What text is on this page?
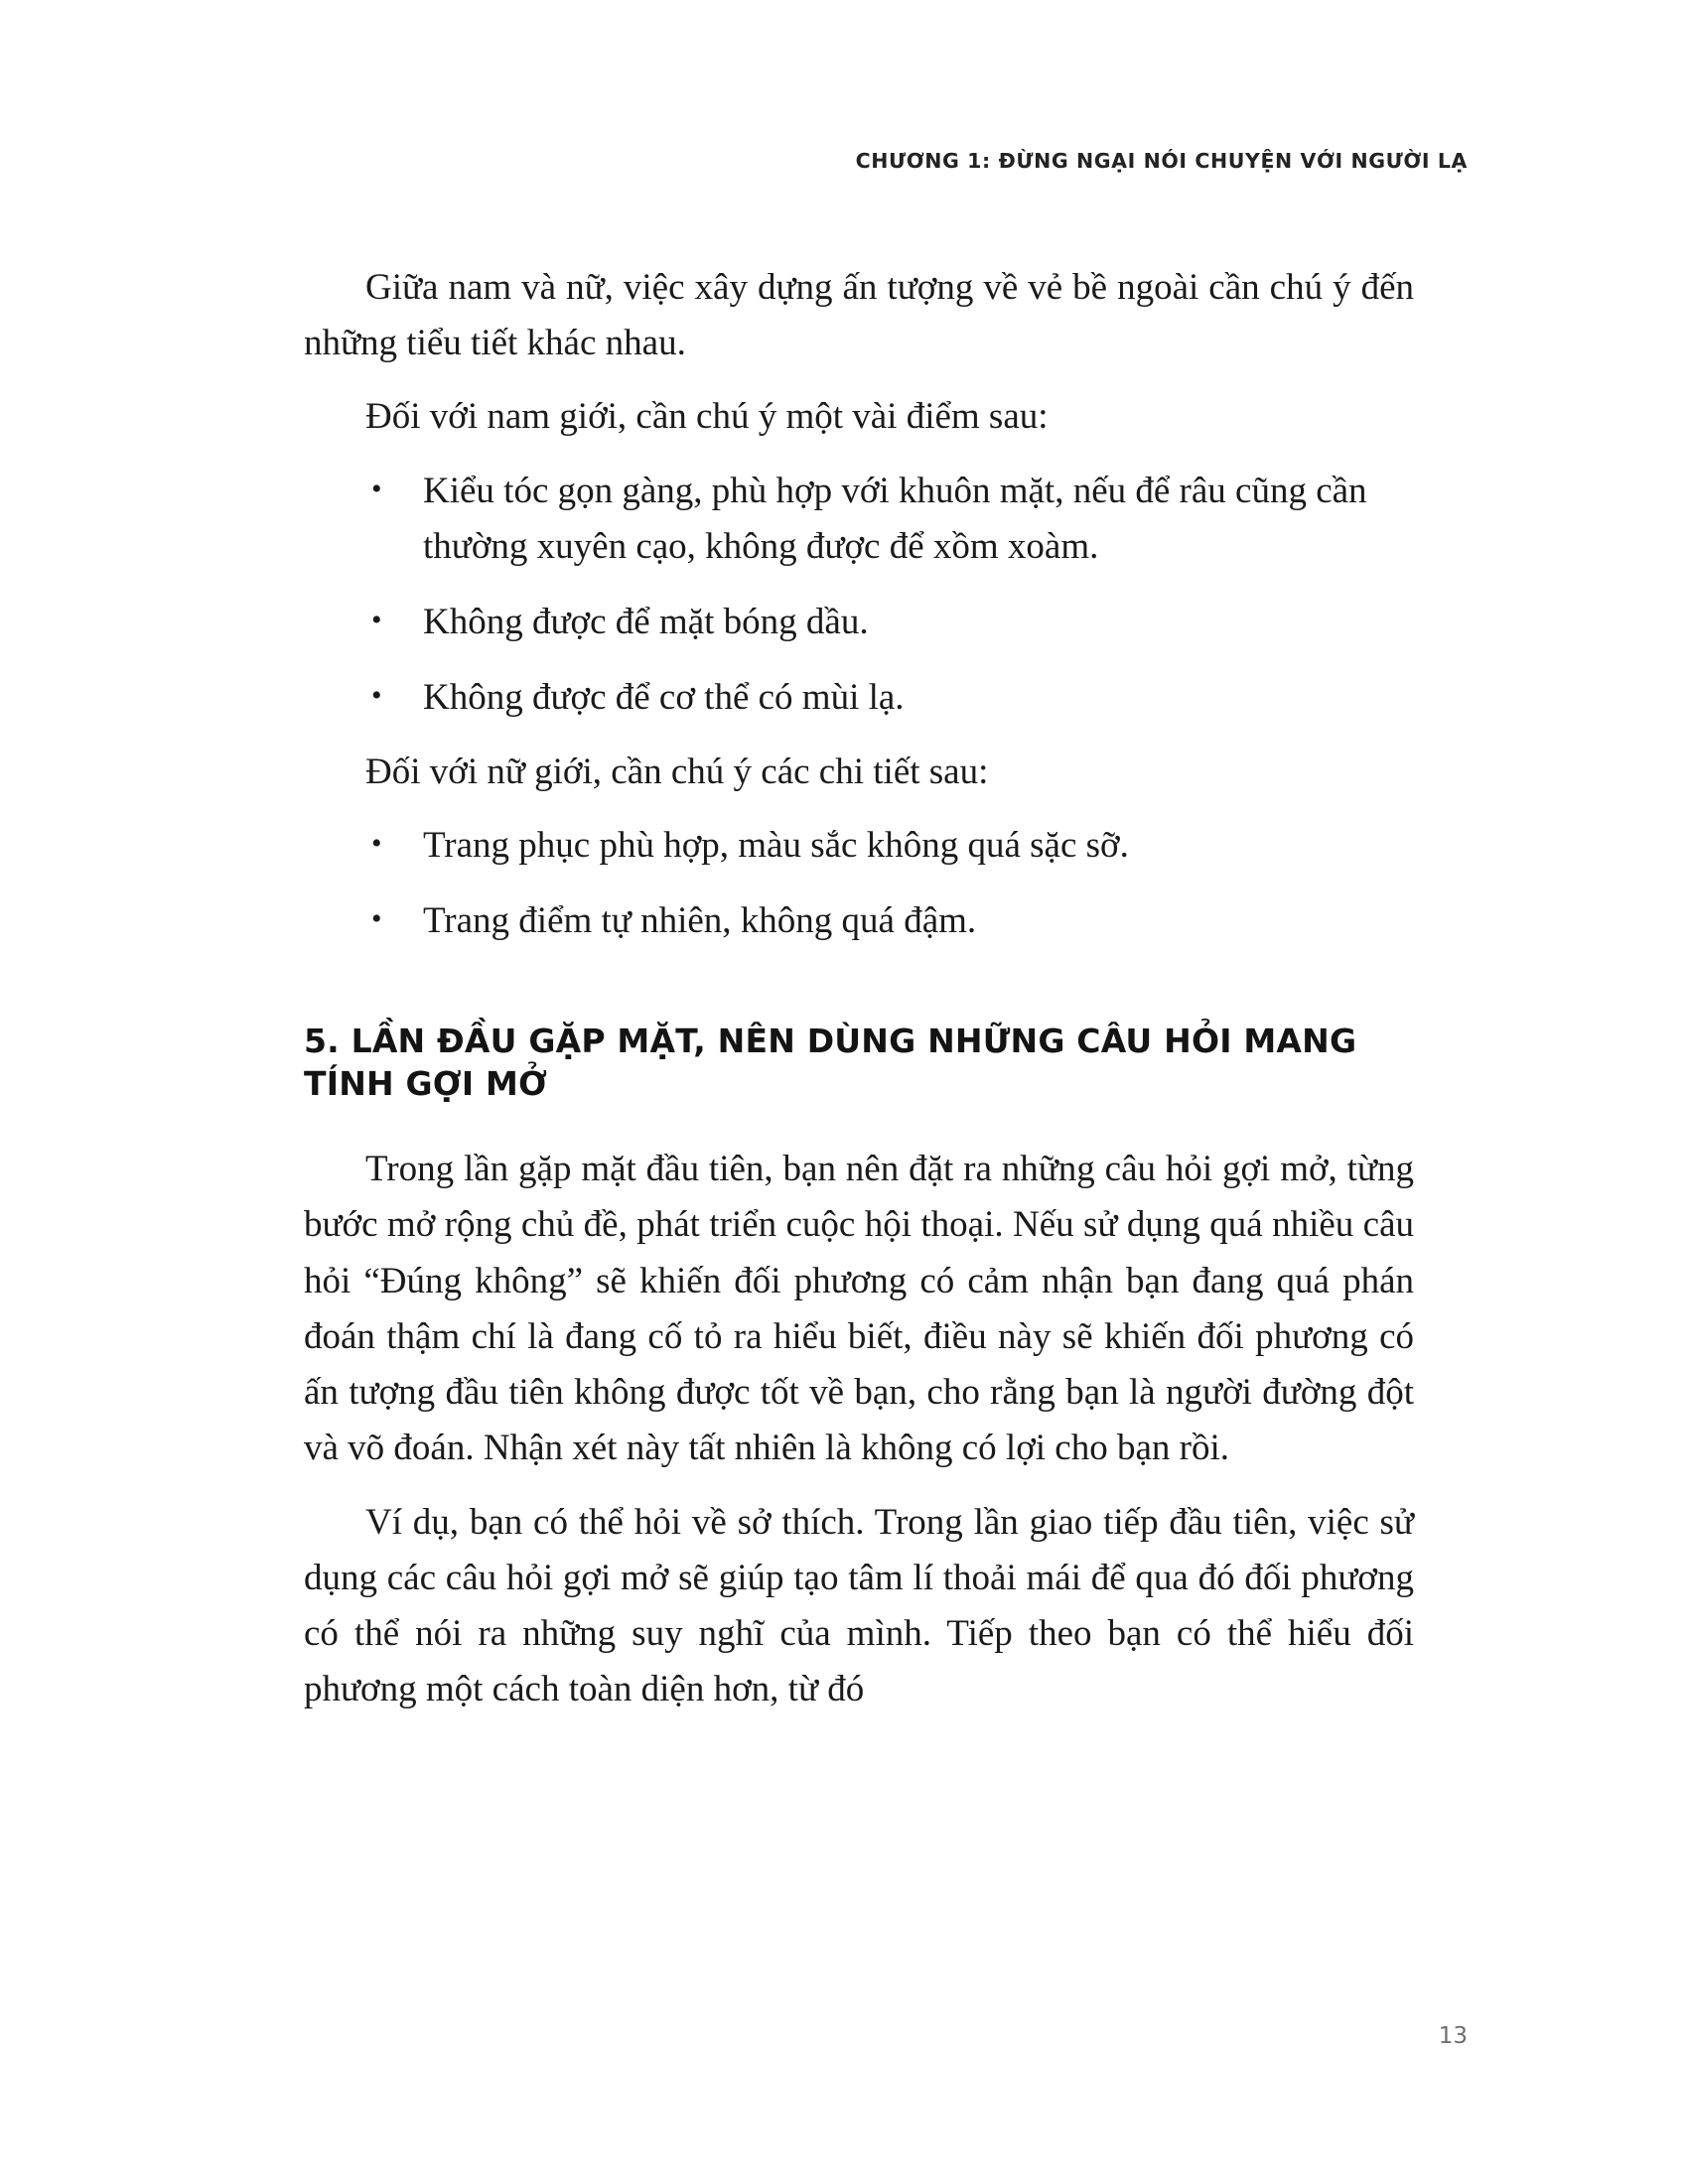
CHƯƠNG 1: ĐỪNG NGẠI NÓI CHUYỆN VỚI NGƯỜI LẠ

Giữa nam và nữ, việc xây dựng ấn tượng về vẻ bề ngoài cần chú ý đến những tiểu tiết khác nhau.

Đối với nam giới, cần chú ý một vài điểm sau:

• Kiểu tóc gọn gàng, phù hợp với khuôn mặt, nếu để râu cũng cần thường xuyên cạo, không được để xồm xoàm.
• Không được để mặt bóng dầu.
• Không được để cơ thể có mùi lạ.

Đối với nữ giới, cần chú ý các chi tiết sau:

• Trang phục phù hợp, màu sắc không quá sặc sỡ.
• Trang điểm tự nhiên, không quá đậm.
5. LẦN ĐẦU GẶP MẶT, NÊN DÙNG NHỮNG CÂU HỎI MANG TÍNH GỢI MỞ

Trong lần gặp mặt đầu tiên, bạn nên đặt ra những câu hỏi gợi mở, từng bước mở rộng chủ đề, phát triển cuộc hội thoại. Nếu sử dụng quá nhiều câu hỏi “Đúng không” sẽ khiến đối phương có cảm nhận bạn đang quá phán đoán thậm chí là đang cố tỏ ra hiểu biết, điều này sẽ khiến đối phương có ấn tượng đầu tiên không được tốt về bạn, cho rằng bạn là người đường đột và võ đoán. Nhận xét này tất nhiên là không có lợi cho bạn rồi.

Ví dụ, bạn có thể hỏi về sở thích. Trong lần giao tiếp đầu tiên, việc sử dụng các câu hỏi gợi mở sẽ giúp tạo tâm lí thoải mái để qua đó đối phương có thể nói ra những suy nghĩ của mình. Tiếp theo bạn có thể hiểu đối phương một cách toàn diện hơn, từ đó

13
